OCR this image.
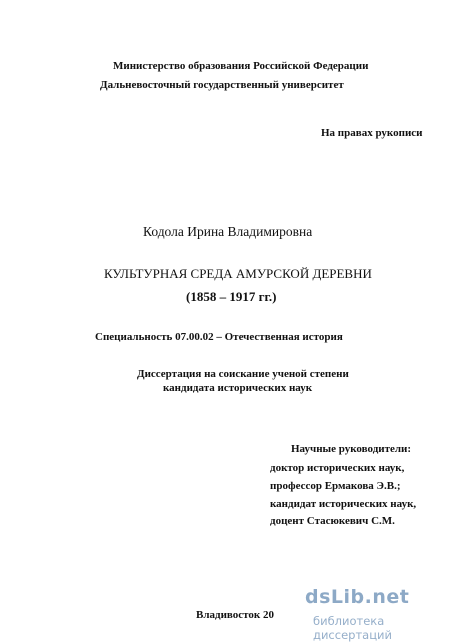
Министерство образования Российской Федерации
Дальневосточный государственный университет
На правах рукописи
Кодола Ирина Владимировна
КУЛЬТУРНАЯ СРЕДА АМУРСКОЙ ДЕРЕВНИ
(1858 – 1917 гг.)
Специальность 07.00.02 – Отечественная история
Диссертация на соискание ученой степени
кандидата исторических наук
Научные руководители:
доктор исторических наук,
профессор Ермакова Э.В.;
кандидат исторических наук,
доцент Стасюкевич С.М.
Владивосток 20
dsLib.net
библиотека диссертаций
